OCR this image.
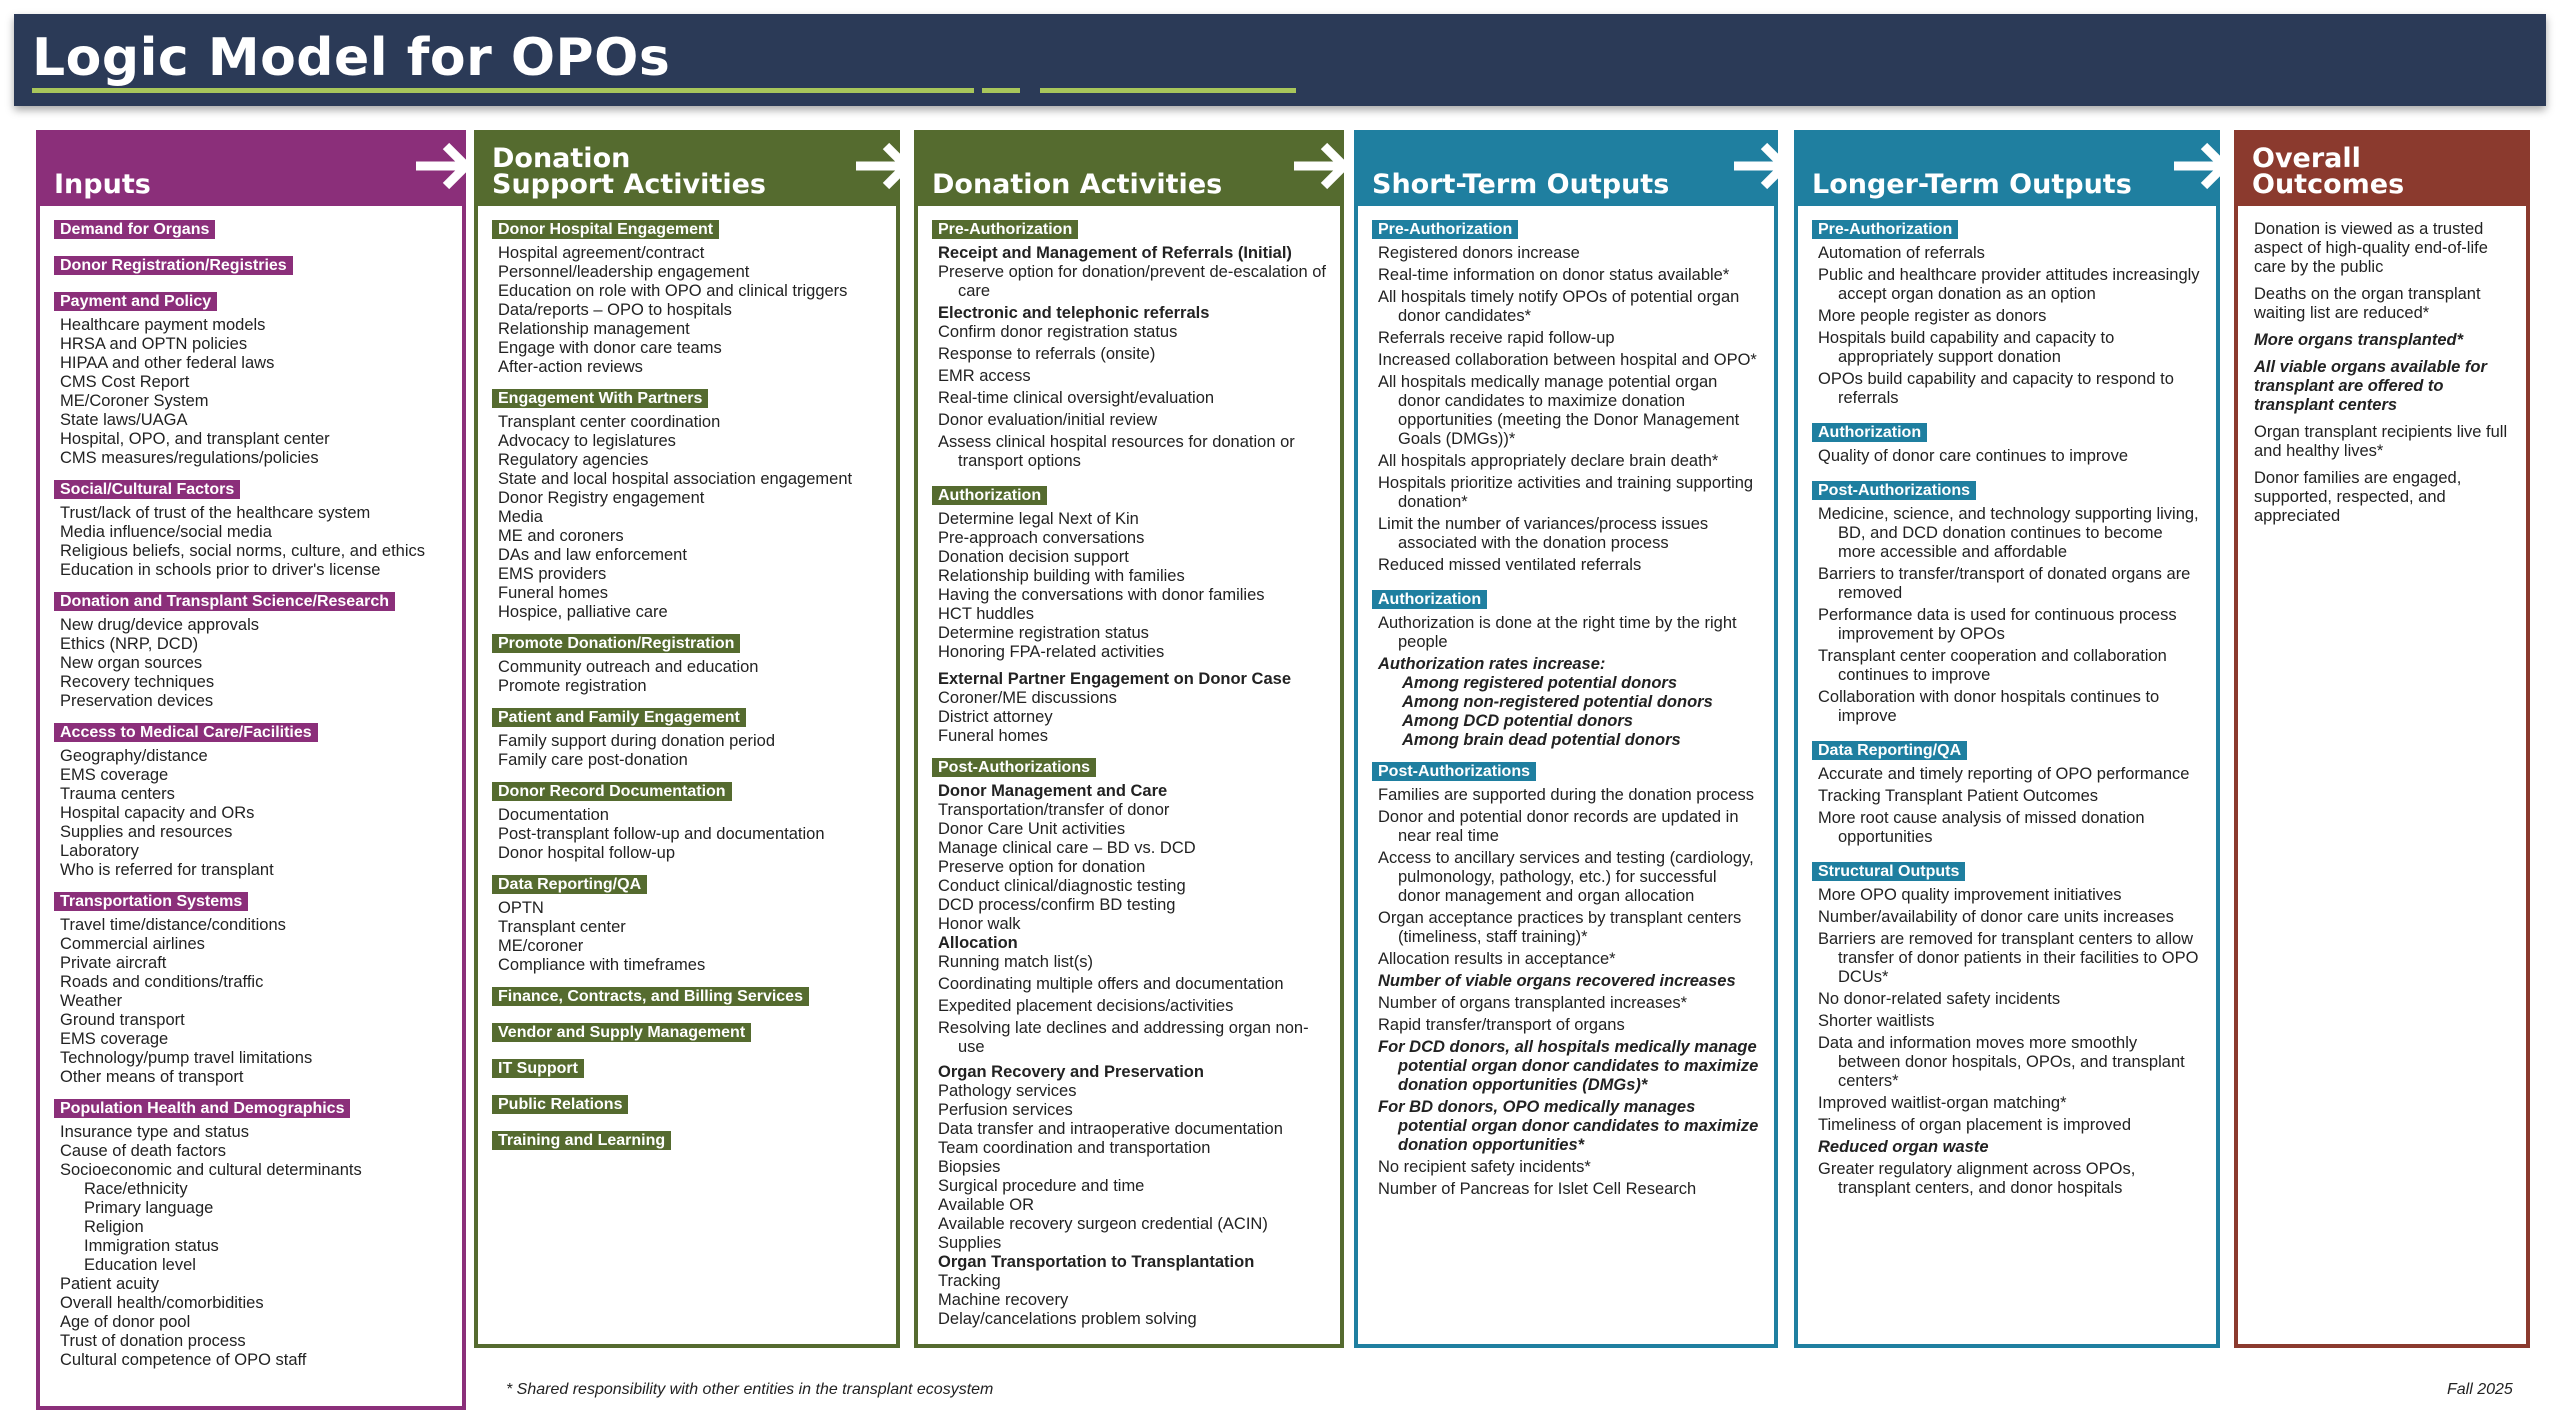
Logic Model for OPOs
Inputs
Demand for Organs
Donor Registration/Registries
Payment and Policy
Healthcare payment models
HRSA and OPTN policies
HIPAA and other federal laws
CMS Cost Report
ME/Coroner System
State laws/UAGA
Hospital, OPO, and transplant center
CMS measures/regulations/policies
Social/Cultural Factors
Trust/lack of trust of the healthcare system
Media influence/social media
Religious beliefs, social norms, culture, and ethics
Education in schools prior to driver's license
Donation and Transplant Science/Research
New drug/device approvals
Ethics (NRP, DCD)
New organ sources
Recovery techniques
Preservation devices
Access to Medical Care/Facilities
Geography/distance
EMS coverage
Trauma centers
Hospital capacity and ORs
Supplies and resources
Laboratory
Who is referred for transplant
Transportation Systems
Travel time/distance/conditions
Commercial airlines
Private aircraft
Roads and conditions/traffic
Weather
Ground transport
EMS coverage
Technology/pump travel limitations
Other means of transport
Population Health and Demographics
Insurance type and status
Cause of death factors
Socioeconomic and cultural determinants
Race/ethnicity
Primary language
Religion
Immigration status
Education level
Patient acuity
Overall health/comorbidities
Age of donor pool
Trust of donation process
Cultural competence of OPO staff
Donation
Support Activities
Donor Hospital Engagement
Hospital agreement/contract
Personnel/leadership engagement
Education on role with OPO and clinical triggers
Data/reports – OPO to hospitals
Relationship management
Engage with donor care teams
After-action reviews
Engagement With Partners
Transplant center coordination
Advocacy to legislatures
Regulatory agencies
State and local hospital association engagement
Donor Registry engagement
Media
ME and coroners
DAs and law enforcement
EMS providers
Funeral homes
Hospice, palliative care
Promote Donation/Registration
Community outreach and education
Promote registration
Patient and Family Engagement
Family support during donation period
Family care post-donation
Donor Record Documentation
Documentation
Post-transplant follow-up and documentation
Donor hospital follow-up
Data Reporting/QA
OPTN
Transplant center
ME/coroner
Compliance with timeframes
Finance, Contracts, and Billing Services
Vendor and Supply Management
IT Support
Public Relations
Training and Learning
Donation Activities
Pre-Authorization
Receipt and Management of Referrals (Initial)
Preserve option for donation/prevent de-escalation of care
Electronic and telephonic referrals
Confirm donor registration status
Response to referrals (onsite)
EMR access
Real-time clinical oversight/evaluation
Donor evaluation/initial review
Assess clinical hospital resources for donation or transport options
Authorization
Determine legal Next of Kin
Pre-approach conversations
Donation decision support
Relationship building with families
Having the conversations with donor families
HCT huddles
Determine registration status
Honoring FPA-related activities
External Partner Engagement on Donor Case
Coroner/ME discussions
District attorney
Funeral homes
Post-Authorizations
Donor Management and Care
Transportation/transfer of donor
Donor Care Unit activities
Manage clinical care – BD vs. DCD
Preserve option for donation
Conduct clinical/diagnostic testing
DCD process/confirm BD testing
Honor walk
Allocation
Running match list(s)
Coordinating multiple offers and documentation
Expedited placement decisions/activities
Resolving late declines and addressing organ non-use
Organ Recovery and Preservation
Pathology services
Perfusion services
Data transfer and intraoperative documentation
Team coordination and transportation
Biopsies
Surgical procedure and time
Available OR
Available recovery surgeon credential (ACIN)
Supplies
Organ Transportation to Transplantation
Tracking
Machine recovery
Delay/cancelations problem solving
Short-Term Outputs
Pre-Authorization
Registered donors increase
Real-time information on donor status available*
All hospitals timely notify OPOs of potential organ donor candidates*
Referrals receive rapid follow-up
Increased collaboration between hospital and OPO*
All hospitals medically manage potential organ donor candidates to maximize donation opportunities (meeting the Donor Management Goals (DMGs))*
All hospitals appropriately declare brain death*
Hospitals prioritize activities and training supporting donation*
Limit the number of variances/process issues associated with the donation process
Reduced missed ventilated referrals
Authorization
Authorization is done at the right time by the right people
Authorization rates increase:
Among registered potential donors
Among non-registered potential donors
Among DCD potential donors
Among brain dead potential donors
Post-Authorizations
Families are supported during the donation process
Donor and potential donor records are updated in near real time
Access to ancillary services and testing (cardiology, pulmonology, pathology, etc.) for successful donor management and organ allocation
Organ acceptance practices by transplant centers (timeliness, staff training)*
Allocation results in acceptance*
Number of viable organs recovered increases
Number of organs transplanted increases*
Rapid transfer/transport of organs
For DCD donors, all hospitals medically manage potential organ donor candidates to maximize donation opportunities (DMGs)*
For BD donors, OPO medically manages potential organ donor candidates to maximize donation opportunities*
No recipient safety incidents*
Number of Pancreas for Islet Cell Research
Longer-Term Outputs
Pre-Authorization
Automation of referrals
Public and healthcare provider attitudes increasingly accept organ donation as an option
More people register as donors
Hospitals build capability and capacity to appropriately support donation
OPOs build capability and capacity to respond to referrals
Authorization
Quality of donor care continues to improve
Post-Authorizations
Medicine, science, and technology supporting living, BD, and DCD donation continues to become more accessible and affordable
Barriers to transfer/transport of donated organs are removed
Performance data is used for continuous process improvement by OPOs
Transplant center cooperation and collaboration continues to improve
Collaboration with donor hospitals continues to improve
Data Reporting/QA
Accurate and timely reporting of OPO performance
Tracking Transplant Patient Outcomes
More root cause analysis of missed donation opportunities
Structural Outputs
More OPO quality improvement initiatives
Number/availability of donor care units increases
Barriers are removed for transplant centers to allow transfer of donor patients in their facilities to OPO DCUs*
No donor-related safety incidents
Shorter waitlists
Data and information moves more smoothly between donor hospitals, OPOs, and transplant centers*
Improved waitlist-organ matching*
Timeliness of organ placement is improved
Reduced organ waste
Greater regulatory alignment across OPOs, transplant centers, and donor hospitals
Overall Outcomes
Donation is viewed as a trusted aspect of high-quality end-of-life care by the public
Deaths on the organ transplant waiting list are reduced*
More organs transplanted*
All viable organs available for transplant are offered to transplant centers
Organ transplant recipients live full and healthy lives*
Donor families are engaged, supported, respected, and appreciated
* Shared responsibility with other entities in the transplant ecosystem	Fall 2025
